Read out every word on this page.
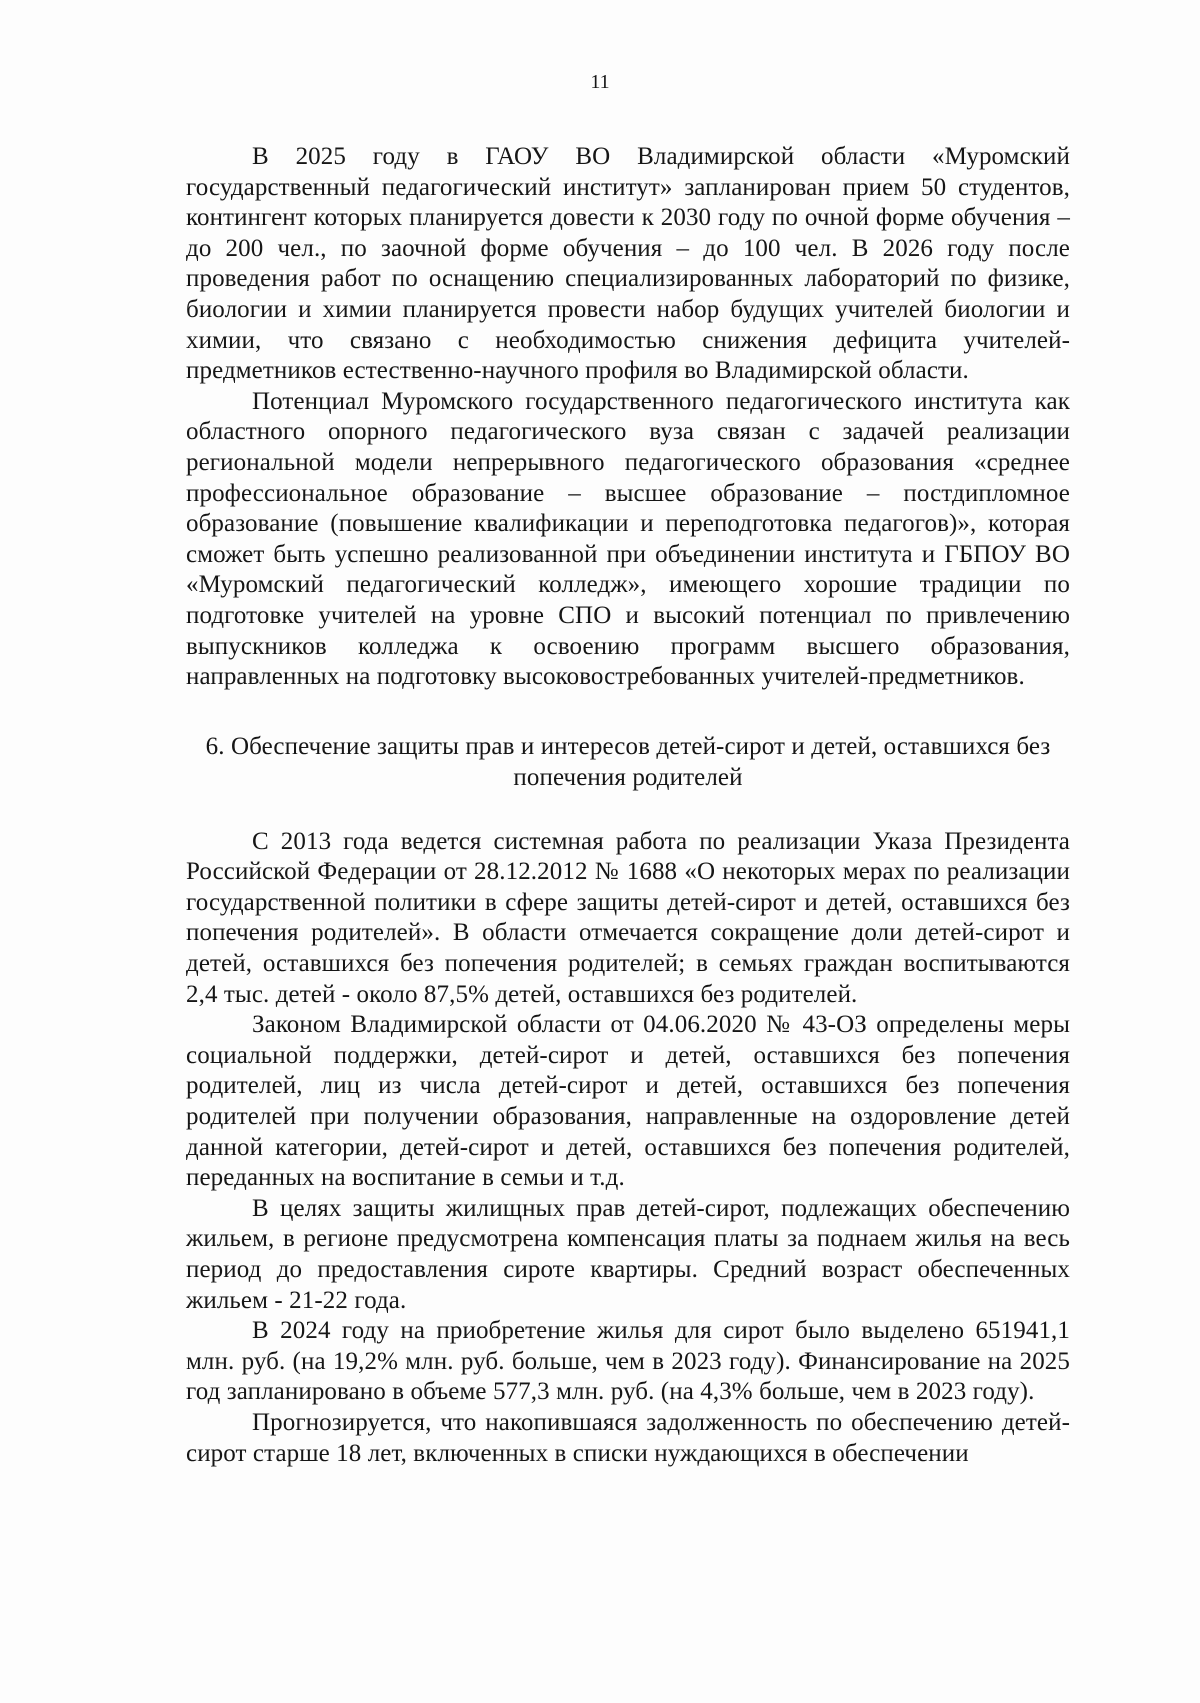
11

В 2025 году в ГАОУ ВО Владимирской области «Муромский государственный педагогический институт» запланирован прием 50 студентов, контингент которых планируется довести к 2030 году по очной форме обучения – до 200 чел., по заочной форме обучения – до 100 чел. В 2026 году после проведения работ по оснащению специализированных лабораторий по физике, биологии и химии планируется провести набор будущих учителей биологии и химии, что связано с необходимостью снижения дефицита учителей-предметников естественно-научного профиля во Владимирской области.

Потенциал Муромского государственного педагогического института как областного опорного педагогического вуза связан с задачей реализации региональной модели непрерывного педагогического образования «среднее профессиональное образование – высшее образование – постдипломное образование (повышение квалификации и переподготовка педагогов)», которая сможет быть успешно реализованной при объединении института и ГБПОУ ВО «Муромский педагогический колледж», имеющего хорошие традиции по подготовке учителей на уровне СПО и высокий потенциал по привлечению выпускников колледжа к освоению программ высшего образования, направленных на подготовку высоковостребованных учителей-предметников.

6. Обеспечение защиты прав и интересов детей-сирот и детей, оставшихся без
попечения родителей

С 2013 года ведется системная работа по реализации Указа Президента Российской Федерации от 28.12.2012 № 1688 «О некоторых мерах по реализации государственной политики в сфере защиты детей-сирот и детей, оставшихся без попечения родителей». В области отмечается сокращение доли детей-сирот и детей, оставшихся без попечения родителей; в семьях граждан воспитываются 2,4 тыс. детей - около 87,5% детей, оставшихся без родителей.

Законом Владимирской области от 04.06.2020 № 43-ОЗ определены меры социальной поддержки, детей-сирот и детей, оставшихся без попечения родителей, лиц из числа детей-сирот и детей, оставшихся без попечения родителей при получении образования, направленные на оздоровление детей данной категории, детей-сирот и детей, оставшихся без попечения родителей, переданных на воспитание в семьи и т.д.

В целях защиты жилищных прав детей-сирот, подлежащих обеспечению жильем, в регионе предусмотрена компенсация платы за поднаем жилья на весь период до предоставления сироте квартиры. Средний возраст обеспеченных жильем - 21-22 года.

В 2024 году на приобретение жилья для сирот было выделено 651941,1 млн. руб. (на 19,2% млн. руб. больше, чем в 2023 году). Финансирование на 2025 год запланировано в объеме 577,3 млн. руб. (на 4,3% больше, чем в 2023 году).

Прогнозируется, что накопившаяся задолженность по обеспечению детей-сирот старше 18 лет, включенных в списки нуждающихся в обеспечении
